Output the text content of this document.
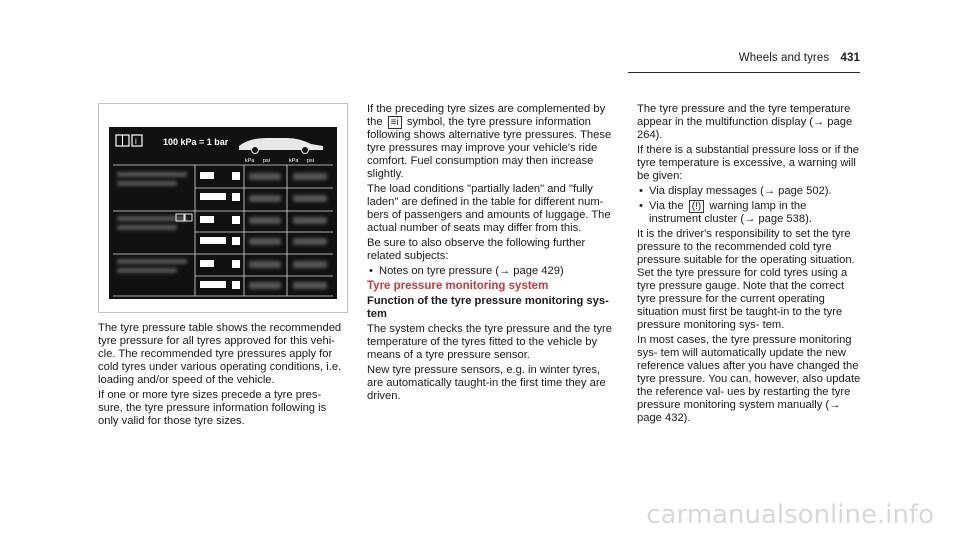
Wheels and tyres 431
i	100 kPa = 1 bar
kPa psi	kPa psi
A 213 584 37 03	123456

The tyre pressure table shows the recommended tyre pressure for all tyres approved for this vehi- cle. The recommended tyre pressures apply for cold tyres under various operating conditions, i.e. loading and/or speed of the vehicle.

If one or more tyre sizes precede a tyre pres- sure, the tyre pressure information following is only valid for those tyre sizes.

If the preceding tyre sizes are complemented by the ≡i symbol, the tyre pressure information following shows alternative tyre pressures. These tyre pressures may improve your vehicle's ride comfort. Fuel consumption may then increase slightly.

The load conditions "partially laden" and "fully laden" are defined in the table for different num- bers of passengers and amounts of luggage. The actual number of seats may differ from this.

Be sure to also observe the following further related subjects:

• Notes on tyre pressure (→ page 429)

Tyre pressure monitoring system

Function of the tyre pressure monitoring sys- tem

The system checks the tyre pressure and the tyre temperature of the tyres fitted to the vehicle by means of a tyre pressure sensor.

New tyre pressure sensors, e.g. in winter tyres, are automatically taught-in the first time they are driven.

The tyre pressure and the tyre temperature appear in the multifunction display (→ page 264).

If there is a substantial pressure loss or if the tyre temperature is excessive, a warning will be given:

• Via display messages (→ page 502).

• Via the (!) warning lamp in the instrument cluster (→ page 538).

It is the driver's responsibility to set the tyre pressure to the recommended cold tyre pressure suitable for the operating situation. Set the tyre pressure for cold tyres using a tyre pressure gauge. Note that the correct tyre pressure for the current operating situation must first be taught-in to the tyre pressure monitoring sys- tem.

In most cases, the tyre pressure monitoring sys- tem will automatically update the new reference values after you have changed the tyre pressure. You can, however, also update the reference val- ues by restarting the tyre pressure monitoring system manually (→ page 432).

carmanualsonline.info
